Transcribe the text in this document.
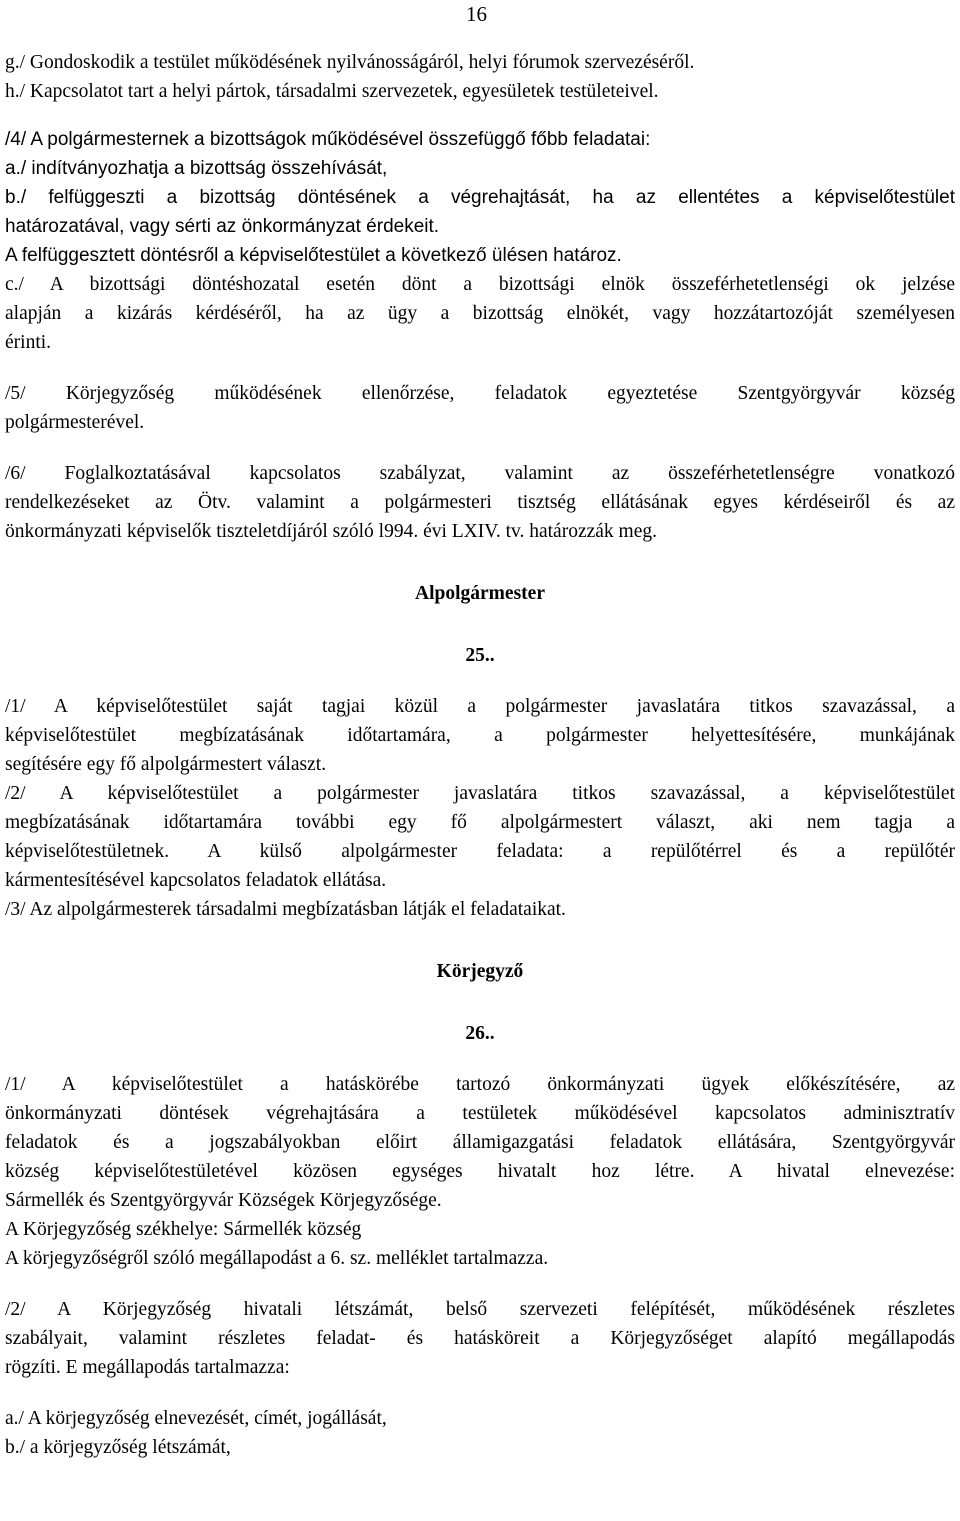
16

g./ Gondoskodik a testület működésének nyilvánosságáról, helyi fórumok szervezéséről.

h./ Kapcsolatot tart a helyi pártok, társadalmi szervezetek, egyesületek testületeivel.

/4/ A polgármesternek a bizottságok működésével összefüggő főbb feladatai:

a./ indítványozhatja a bizottság összehívását,

b./ felfüggeszti a bizottság döntésének a végrehajtását, ha az ellentétes a képviselőtestület

határozatával, vagy sérti az önkormányzat érdekeit.

A felfüggesztett döntésről a képviselőtestület a következő ülésen határoz.

c./ A bizottsági döntéshozatal esetén dönt a bizottsági elnök összeférhetetlenségi ok jelzése

alapján a kizárás kérdéséről, ha az ügy a bizottság elnökét, vagy hozzátartozóját személyesen

érinti.

/5/ Körjegyzőség működésének ellenőrzése, feladatok egyeztetése Szentgyörgyvár község

polgármesterével.

/6/ Foglalkoztatásával kapcsolatos szabályzat, valamint az összeférhetetlenségre vonatkozó

rendelkezéseket az Ötv. valamint a polgármesteri tisztség ellátásának egyes kérdéseiről és az

önkormányzati képviselők tiszteletdíjáról szóló l994. évi LXIV. tv. határozzák meg.

Alpolgármester

25..

/1/ A képviselőtestület saját tagjai közül a polgármester javaslatára titkos szavazással, a

képviselőtestület megbízatásának időtartamára, a polgármester helyettesítésére, munkájának

segítésére egy fő alpolgármestert választ.

/2/ A képviselőtestület a polgármester javaslatára titkos szavazással, a képviselőtestület

megbízatásának időtartamára további egy fő alpolgármestert választ, aki nem tagja a

képviselőtestületnek. A külső alpolgármester feladata: a repülőtérrel és a repülőtér

kármentesítésével kapcsolatos feladatok ellátása.

/3/ Az alpolgármesterek társadalmi megbízatásban látják el feladataikat.

Körjegyző

26..

/1/ A képviselőtestület a hatáskörébe tartozó önkormányzati ügyek előkészítésére, az

önkormányzati döntések végrehajtására a testületek működésével kapcsolatos adminisztratív

feladatok és a jogszabályokban előirt államigazgatási feladatok ellátására, Szentgyörgyvár

község képviselőtestületével közösen egységes hivatalt hoz létre. A hivatal elnevezése:

Sármellék és Szentgyörgyvár Községek Körjegyzősége.

A Körjegyzőség székhelye: Sármellék község

A körjegyzőségről szóló megállapodást a 6. sz. melléklet tartalmazza.

/2/ A Körjegyzőség hivatali létszámát, belső szervezeti felépítését, működésének részletes

szabályait, valamint részletes feladat- és hatásköreit a Körjegyzőséget alapító megállapodás

rögzíti. E megállapodás tartalmazza:

a./ A körjegyzőség elnevezését, címét, jogállását,

b./ a körjegyzőség létszámát,
